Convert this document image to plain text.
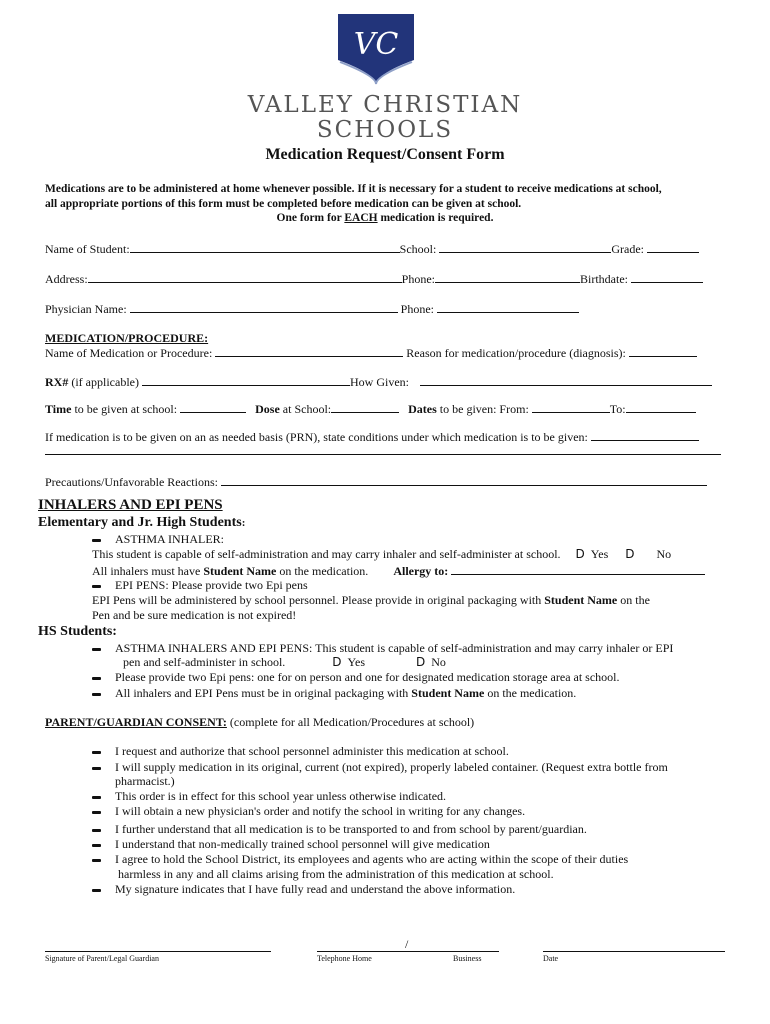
VC
VALLEY CHRISTIAN
SCHOOLS
Medication Request/Consent Form
Medications are to be administered at home whenever possible. If it is necessary for a student to receive medications at school,
all appropriate portions of this form must be completed before medication can be given at school.
One form for EACH medication is required.
Name of Student:	School:	Grade:
Address:	Phone:	Birthdate:
Physician Name:	Phone:
MEDICATION/PROCEDURE:
Name of Medication or Procedure:	Reason for medication/procedure (diagnosis):
RX# (if applicable)	How Given:
Time to be given at school:	Dose at School:	Dates to be given: From:	To:
If medication is to be given on an as needed basis (PRN), state conditions under which medication is to be given:
Precautions/Unfavorable Reactions:
INHALERS AND EPI PENS
Elementary and Jr. High Students:
ASTHMA INHALER:
This student is capable of self-administration and may carry inhaler and self-administer at school. D Yes D No
All inhalers must have Student Name on the medication. Allergy to:
EPI PENS: Please provide two Epi pens
EPI Pens will be administered by school personnel. Please provide in original packaging with Student Name on the
Pen and be sure medication is not expired!
HS Students:
ASTHMA INHALERS AND EPI PENS: This student is capable of self-administration and may carry inhaler or EPI
pen and self-administer in school.	D Yes	D No
Please provide two Epi pens: one for on person and one for designated medication storage area at school.
All inhalers and EPI Pens must be in original packaging with Student Name on the medication.
PARENT/GUARDIAN CONSENT: (complete for all Medication/Procedures at school)
I request and authorize that school personnel administer this medication at school.
I will supply medication in its original, current (not expired), properly labeled container. (Request extra bottle from
pharmacist.)
This order is in effect for this school year unless otherwise indicated.
I will obtain a new physician's order and notify the school in writing for any changes.
I further understand that all medication is to be transported to and from school by parent/guardian.
I understand that non-medically trained school personnel will give medication
I agree to hold the School District, its employees and agents who are acting within the scope of their duties
harmless in any and all claims arising from the administration of this medication at school.
My signature indicates that I have fully read and understand the above information.
Signature of Parent/Legal Guardian
/
Telephone Home	Business	Date
